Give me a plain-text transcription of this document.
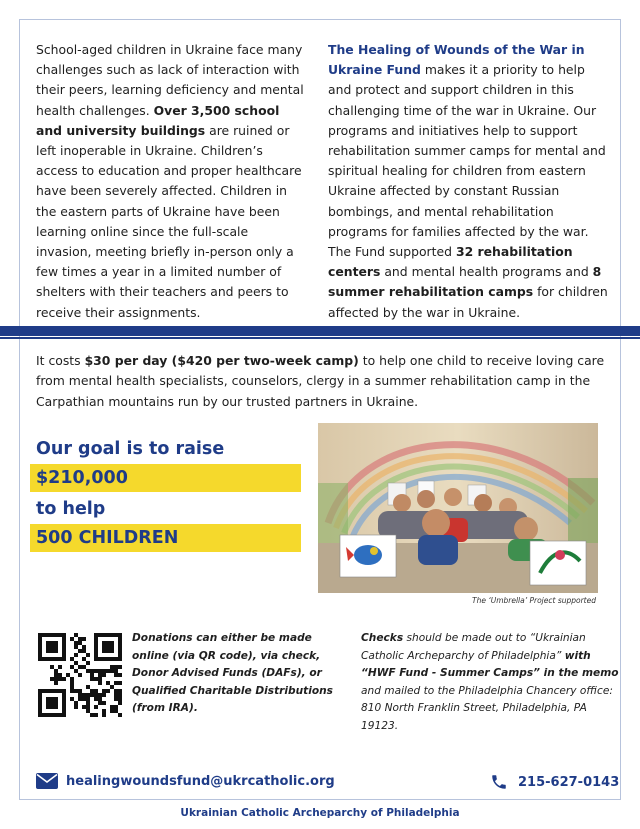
School-aged children in Ukraine face many challenges such as lack of interaction with their peers, learning deficiency and mental health challenges. Over 3,500 school and university buildings are ruined or left inoperable in Ukraine. Children’s access to education and proper healthcare have been severely affected. Children in the eastern parts of Ukraine have been learning online since the full-scale invasion, meeting briefly in-person only a few times a year in a limited number of shelters with their teachers and peers to receive their assignments.
The Healing of Wounds of the War in Ukraine Fund makes it a priority to help and protect and support children in this challenging time of the war in Ukraine. Our programs and initiatives help to support rehabilitation summer camps for mental and spiritual healing for children from eastern Ukraine affected by constant Russian bombings, and mental rehabilitation programs for families affected by the war. The Fund supported 32 rehabilitation centers and mental health programs and 8 summer rehabilitation camps for children affected by the war in Ukraine.
It costs $30 per day ($420 per two-week camp) to help one child to receive loving care from mental health specialists, counselors, clergy in a summer rehabilitation camp in the Carpathian mountains run by our trusted partners in Ukraine.
Our goal is to raise
$210,000
to help
500 CHILDREN
The ‘Umbrella’ Project supported
Donations can either be made online (via QR code), via check, Donor Advised Funds (DAFs), or Qualified Charitable Distributions (from IRA).
Checks should be made out to “Ukrainian Catholic Archeparchy of Philadelphia” with “HWF Fund - Summer Camps” in the memo and mailed to the Philadelphia Chancery office: 810 North Franklin Street, Philadelphia, PA 19123.
healingwoundsfund@ukrcatholic.org	215-627-0143
Ukrainian Catholic Archeparchy of Philadelphia
